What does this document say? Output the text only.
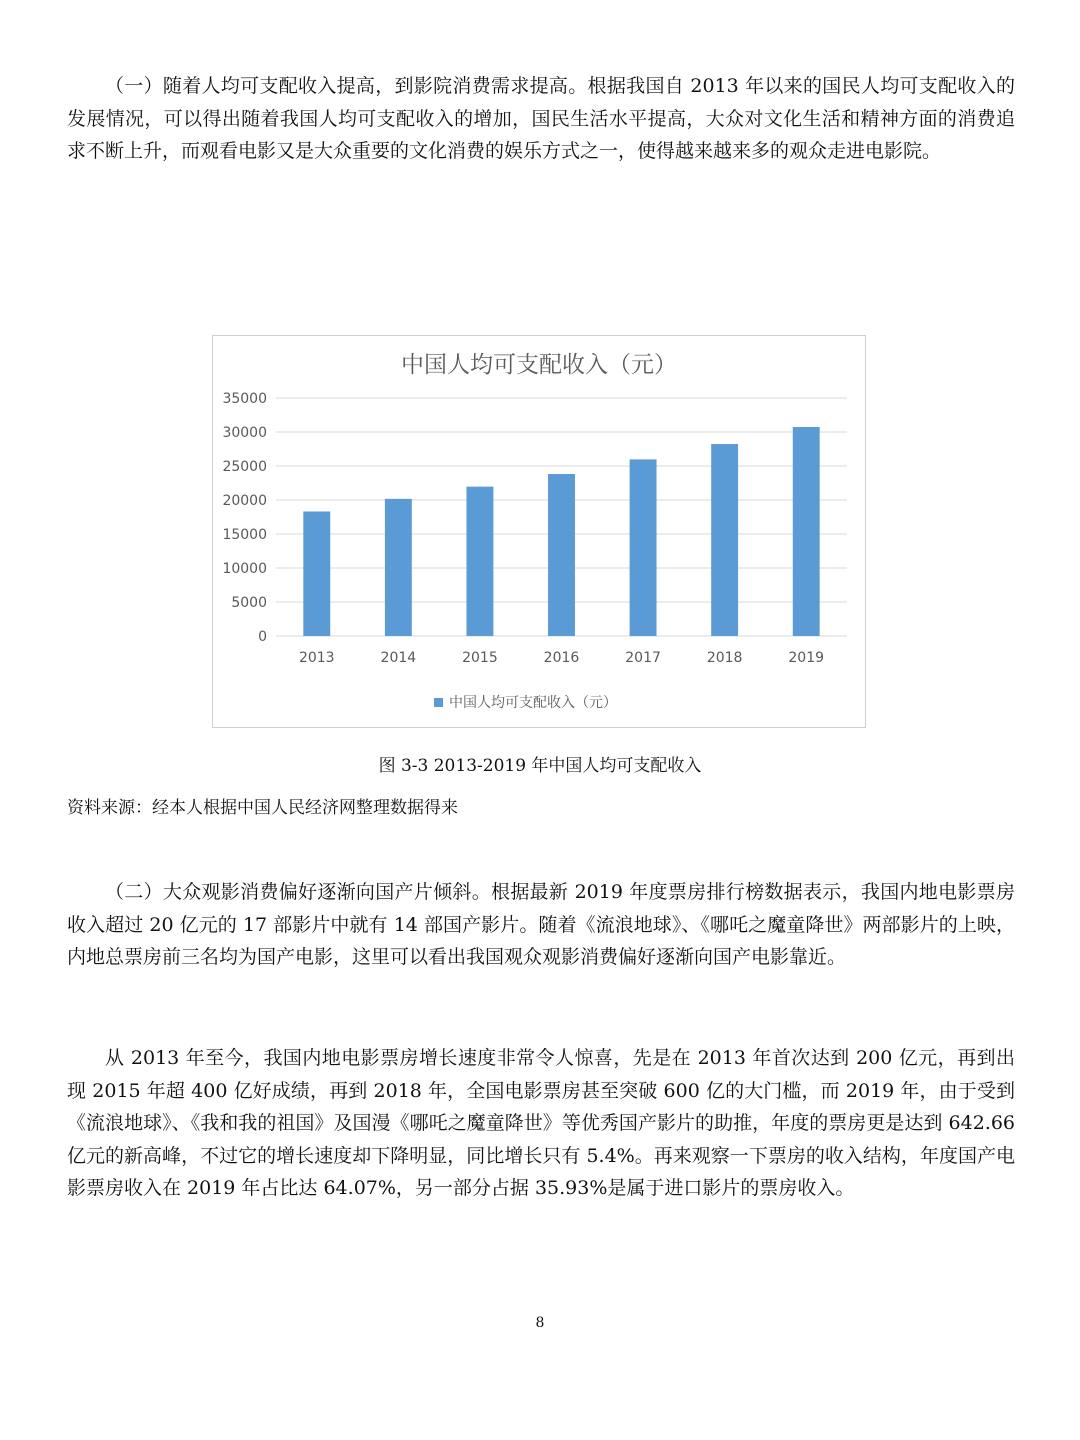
（一）随着人均可支配收入提高，到影院消费需求提高。根据我国自 2013 年以来的国民人均可支配收入的发展情况，可以得出随着我国人均可支配收入的增加，国民生活水平提高，大众对文化生活和精神方面的消费追求不断上升，而观看电影又是大众重要的文化消费的娱乐方式之一，使得越来越来多的观众走进电影院。

中国人均可支配收入（元）
0
5000
10000
15000
20000
25000
30000
35000
2013	2014	2015	2016	2017	2018	2019
中国人均可支配收入（元）
图 3-3 2013-2019 年中国人均可支配收入
资料来源：经本人根据中国人民经济网整理数据得来

（二）大众观影消费偏好逐渐向国产片倾斜。根据最新 2019 年度票房排行榜数据表示，我国内地电影票房收入超过 20 亿元的 17 部影片中就有 14 部国产影片。随着《流浪地球》、《哪吒之魔童降世》两部影片的上映，内地总票房前三名均为国产电影，这里可以看出我国观众观影消费偏好逐渐向国产电影靠近。

从 2013 年至今，我国内地电影票房增长速度非常令人惊喜，先是在 2013 年首次达到 200 亿元，再到出现 2015 年超 400 亿好成绩，再到 2018 年，全国电影票房甚至突破 600 亿的大门槛，而 2019 年，由于受到《流浪地球》、《我和我的祖国》及国漫《哪吒之魔童降世》等优秀国产影片的助推，年度的票房更是达到 642.66 亿元的新高峰，不过它的增长速度却下降明显，同比增长只有 5.4%。再来观察一下票房的收入结构，年度国产电影票房收入在 2019 年占比达 64.07%，另一部分占据 35.93%是属于进口影片的票房收入。

8
